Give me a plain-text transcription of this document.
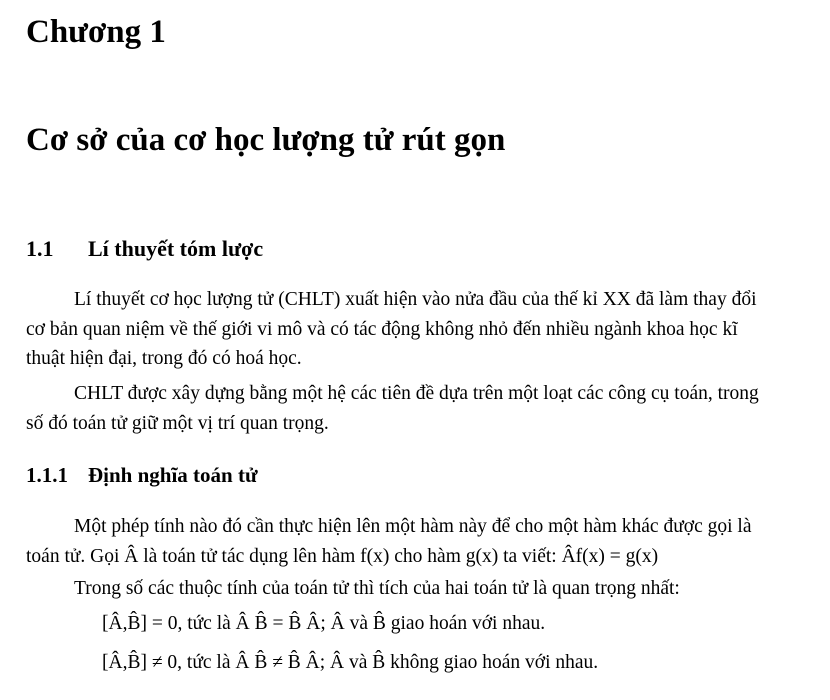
Chương 1
Cơ sở của cơ học lượng tử rút gọn
1.1 Lí thuyết tóm lược
Lí thuyết cơ học lượng tử (CHLT) xuất hiện vào nửa đầu của thế kỉ XX đã làm thay đổi
cơ bản quan niệm về thế giới vi mô và có tác động không nhỏ đến nhiều ngành khoa học kĩ
thuật hiện đại, trong đó có hoá học.
CHLT được xây dựng bằng một hệ các tiên đề dựa trên một loạt các công cụ toán, trong
số đó toán tử giữ một vị trí quan trọng.
1.1.1 Định nghĩa toán tử
Một phép tính nào đó cần thực hiện lên một hàm này để cho một hàm khác được gọi là
toán tử. Gọi Â là toán tử tác dụng lên hàm f(x) cho hàm g(x) ta viết: Âf(x) = g(x)
Trong số các thuộc tính của toán tử thì tích của hai toán tử là quan trọng nhất:
[Â,B̂] = 0, tức là Â B̂ = B̂ Â; Â và B̂ giao hoán với nhau.
[Â,B̂] ≠ 0, tức là Â B̂ ≠ B̂ Â; Â và B̂ không giao hoán với nhau.
